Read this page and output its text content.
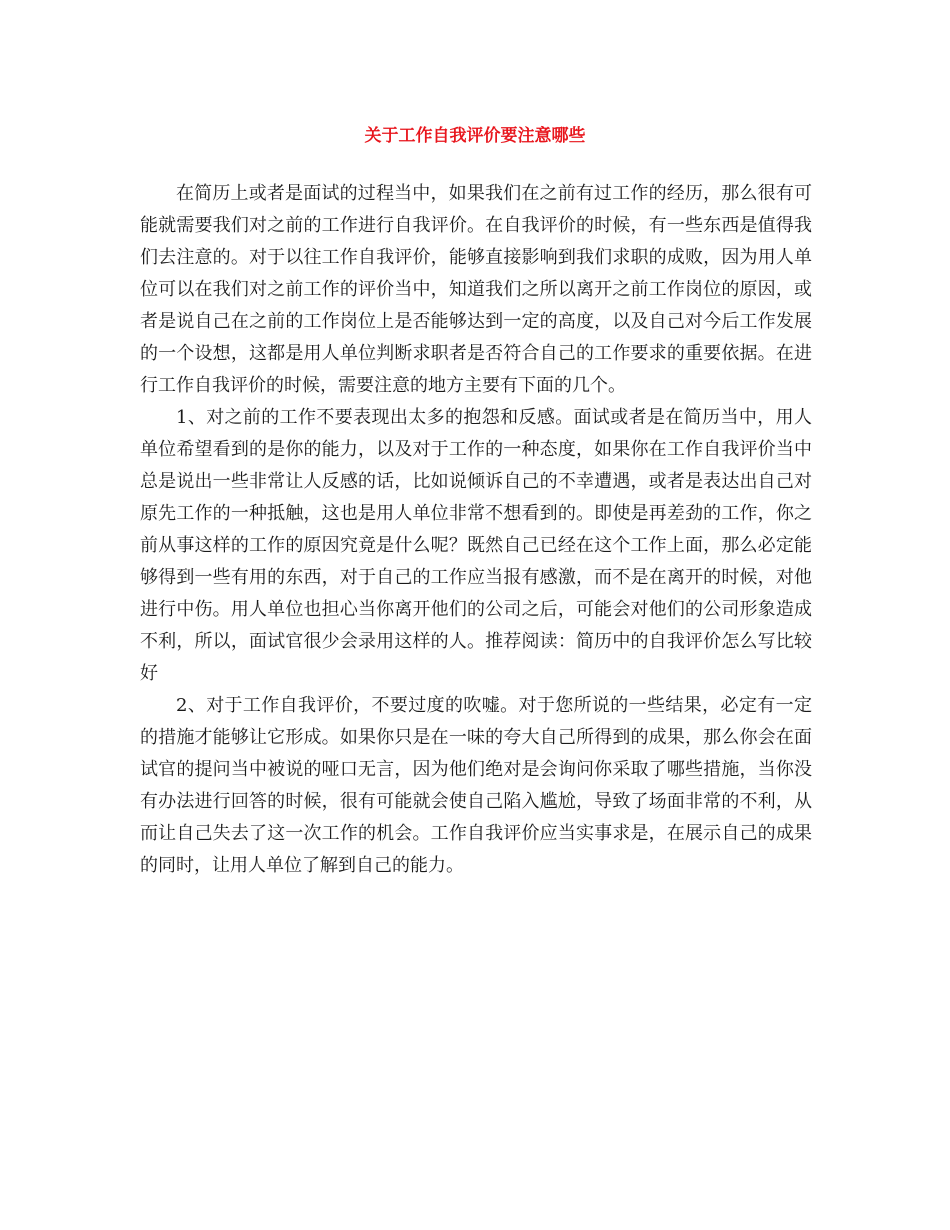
关于工作自我评价要注意哪些

在简历上或者是面试的过程当中，如果我们在之前有过工作的经历，那么很有可能就需要我们对之前的工作进行自我评价。在自我评价的时候，有一些东西是值得我们去注意的。对于以往工作自我评价，能够直接影响到我们求职的成败，因为用人单位可以在我们对之前工作的评价当中，知道我们之所以离开之前工作岗位的原因，或者是说自己在之前的工作岗位上是否能够达到一定的高度，以及自己对今后工作发展的一个设想，这都是用人单位判断求职者是否符合自己的工作要求的重要依据。在进行工作自我评价的时候，需要注意的地方主要有下面的几个。

1、对之前的工作不要表现出太多的抱怨和反感。面试或者是在简历当中，用人单位希望看到的是你的能力，以及对于工作的一种态度，如果你在工作自我评价当中总是说出一些非常让人反感的话，比如说倾诉自己的不幸遭遇，或者是表达出自己对原先工作的一种抵触，这也是用人单位非常不想看到的。即使是再差劲的工作，你之前从事这样的工作的原因究竟是什么呢？既然自己已经在这个工作上面，那么必定能够得到一些有用的东西，对于自己的工作应当报有感激，而不是在离开的时候，对他进行中伤。用人单位也担心当你离开他们的公司之后，可能会对他们的公司形象造成不利，所以，面试官很少会录用这样的人。推荐阅读：简历中的自我评价怎么写比较好

2、对于工作自我评价，不要过度的吹嘘。对于您所说的一些结果，必定有一定的措施才能够让它形成。如果你只是在一味的夸大自己所得到的成果，那么你会在面试官的提问当中被说的哑口无言，因为他们绝对是会询问你采取了哪些措施，当你没有办法进行回答的时候，很有可能就会使自己陷入尴尬，导致了场面非常的不利，从而让自己失去了这一次工作的机会。工作自我评价应当实事求是，在展示自己的成果的同时，让用人单位了解到自己的能力。
